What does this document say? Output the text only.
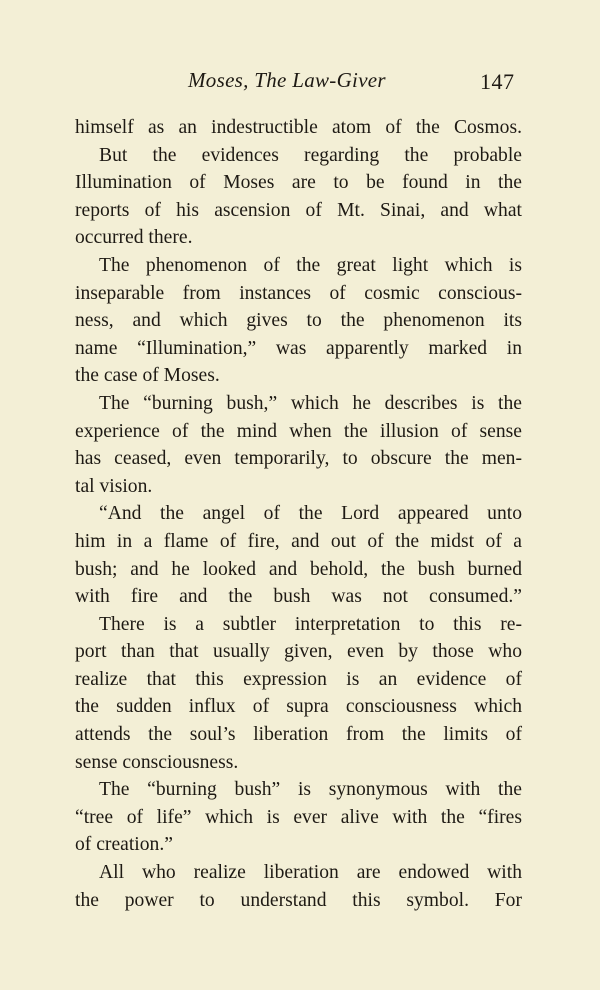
Moses, The Law-Giver	147
himself as an indestructible atom of the Cosmos.
But the evidences regarding the probable
Illumination of Moses are to be found in the
reports of his ascension of Mt. Sinai, and what
occurred there.
The phenomenon of the great light which is
inseparable from instances of cosmic conscious-
ness, and which gives to the phenomenon its
name “Illumination,” was apparently marked in
the case of Moses.
The “burning bush,” which he describes is the
experience of the mind when the illusion of sense
has ceased, even temporarily, to obscure the men-
tal vision.
“And the angel of the Lord appeared unto
him in a flame of fire, and out of the midst of a
bush; and he looked and behold, the bush burned
with fire and the bush was not consumed.”
There is a subtler interpretation to this re-
port than that usually given, even by those who
realize that this expression is an evidence of
the sudden influx of supra consciousness which
attends the soul’s liberation from the limits of
sense consciousness.
The “burning bush” is synonymous with the
“tree of life” which is ever alive with the “fires
of creation.”
All who realize liberation are endowed with
the power to understand this symbol. For
